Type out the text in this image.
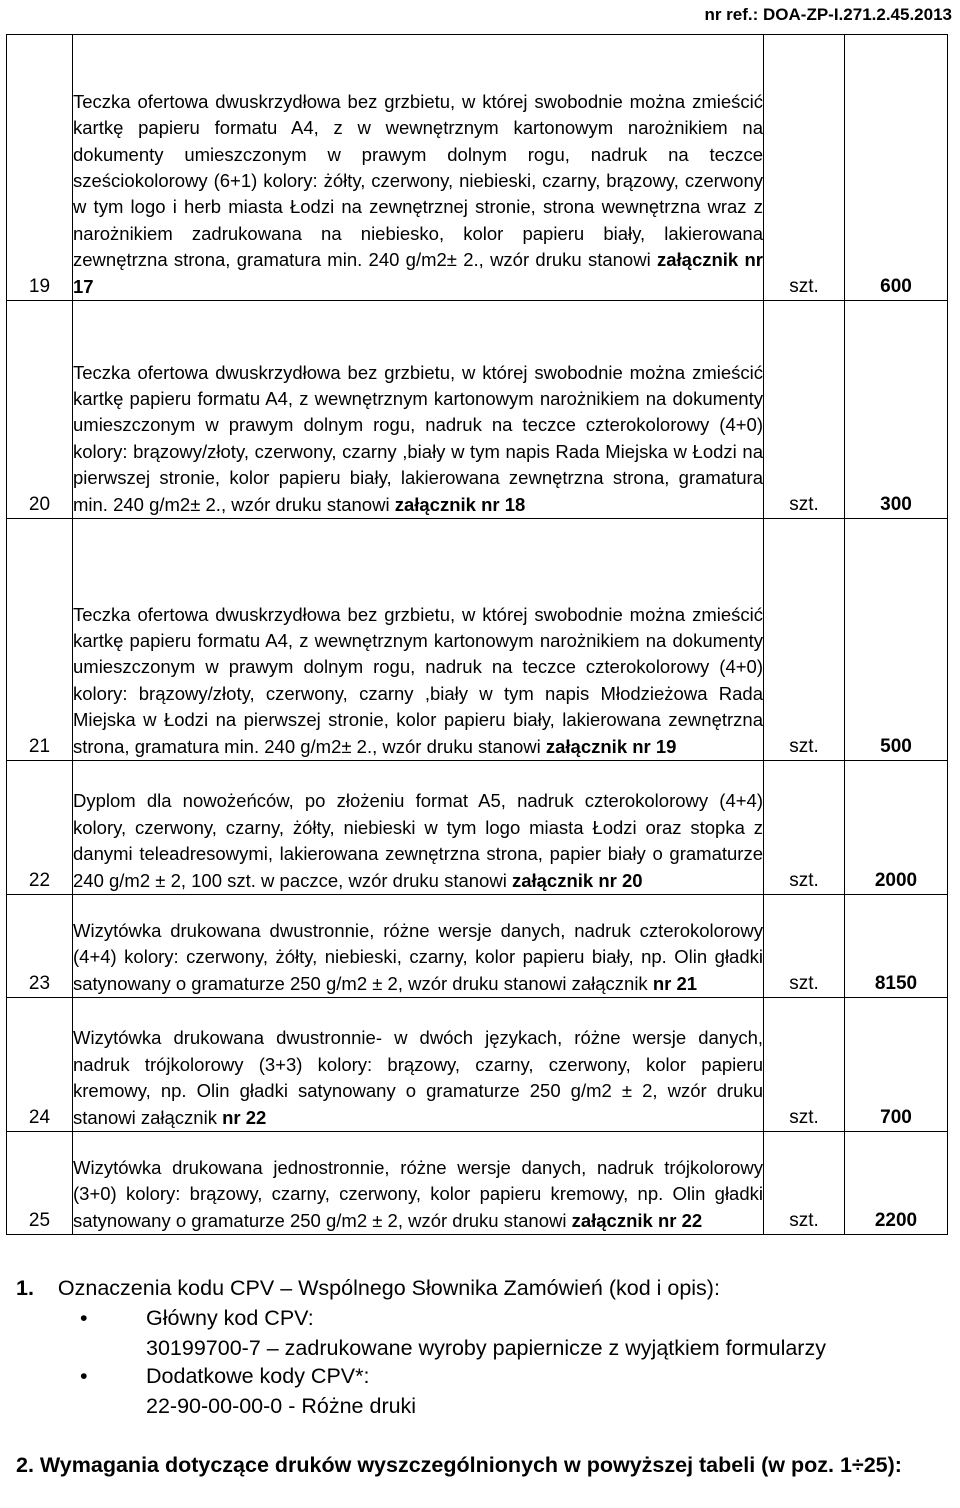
nr ref.: DOA-ZP-I.271.2.45.2013
19	Teczka ofertowa dwuskrzydłowa bez grzbietu, w której swobodnie można zmieścić kartkę papieru formatu A4, z w wewnętrznym kartonowym narożnikiem na dokumenty umieszczonym w prawym dolnym rogu, nadruk na teczce sześciokolorowy (6+1) kolory: żółty, czerwony, niebieski, czarny, brązowy, czerwony w tym logo i herb miasta Łodzi na zewnętrznej stronie, strona wewnętrzna wraz z narożnikiem zadrukowana na niebiesko, kolor papieru biały, lakierowana zewnętrzna strona, gramatura min. 240 g/m2± 2., wzór druku stanowi załącznik nr 17	szt.	600
20	Teczka ofertowa dwuskrzydłowa bez grzbietu, w której swobodnie można zmieścić kartkę papieru formatu A4, z wewnętrznym kartonowym narożnikiem na dokumenty umieszczonym w prawym dolnym rogu, nadruk na teczce czterokolorowy (4+0) kolory: brązowy/złoty, czerwony, czarny ,biały w tym napis Rada Miejska w Łodzi na pierwszej stronie, kolor papieru biały, lakierowana zewnętrzna strona, gramatura min. 240 g/m2± 2., wzór druku stanowi załącznik nr 18	szt.	300
21	Teczka ofertowa dwuskrzydłowa bez grzbietu, w której swobodnie można zmieścić kartkę papieru formatu A4, z wewnętrznym kartonowym narożnikiem na dokumenty umieszczonym w prawym dolnym rogu, nadruk na teczce czterokolorowy (4+0) kolory: brązowy/złoty, czerwony, czarny ,biały w tym napis Młodzieżowa Rada Miejska w Łodzi na pierwszej stronie, kolor papieru biały, lakierowana zewnętrzna strona, gramatura min. 240 g/m2± 2., wzór druku stanowi załącznik nr 19	szt.	500
22	Dyplom dla nowożeńców, po złożeniu format A5, nadruk czterokolorowy (4+4) kolory, czerwony, czarny, żółty, niebieski w tym logo miasta Łodzi oraz stopka z danymi teleadresowymi, lakierowana zewnętrzna strona, papier biały o gramaturze 240 g/m2 ± 2, 100 szt. w paczce, wzór druku stanowi załącznik nr 20	szt.	2000
23	Wizytówka drukowana dwustronnie, różne wersje danych, nadruk czterokolorowy (4+4) kolory: czerwony, żółty, niebieski, czarny, kolor papieru biały, np. Olin gładki satynowany o gramaturze 250 g/m2 ± 2, wzór druku stanowi załącznik nr 21	szt.	8150
24	Wizytówka drukowana dwustronnie- w dwóch językach, różne wersje danych, nadruk trójkolorowy (3+3) kolory: brązowy, czarny, czerwony, kolor papieru kremowy, np. Olin gładki satynowany o gramaturze 250 g/m2 ± 2, wzór druku stanowi załącznik nr 22	szt.	700
25	Wizytówka drukowana jednostronnie, różne wersje danych, nadruk trójkolorowy (3+0) kolory: brązowy, czarny, czerwony, kolor papieru kremowy, np. Olin gładki satynowany o gramaturze 250 g/m2 ± 2, wzór druku stanowi załącznik nr 22	szt.	2200
1. Oznaczenia kodu CPV – Wspólnego Słownika Zamówień (kod i opis):
•	Główny kod CPV:
30199700-7 – zadrukowane wyroby papiernicze z wyjątkiem formularzy
•	Dodatkowe kody CPV*:
22-90-00-00-0 - Różne druki
2. Wymagania dotyczące druków wyszczególnionych w powyższej tabeli (w poz. 1÷25):
